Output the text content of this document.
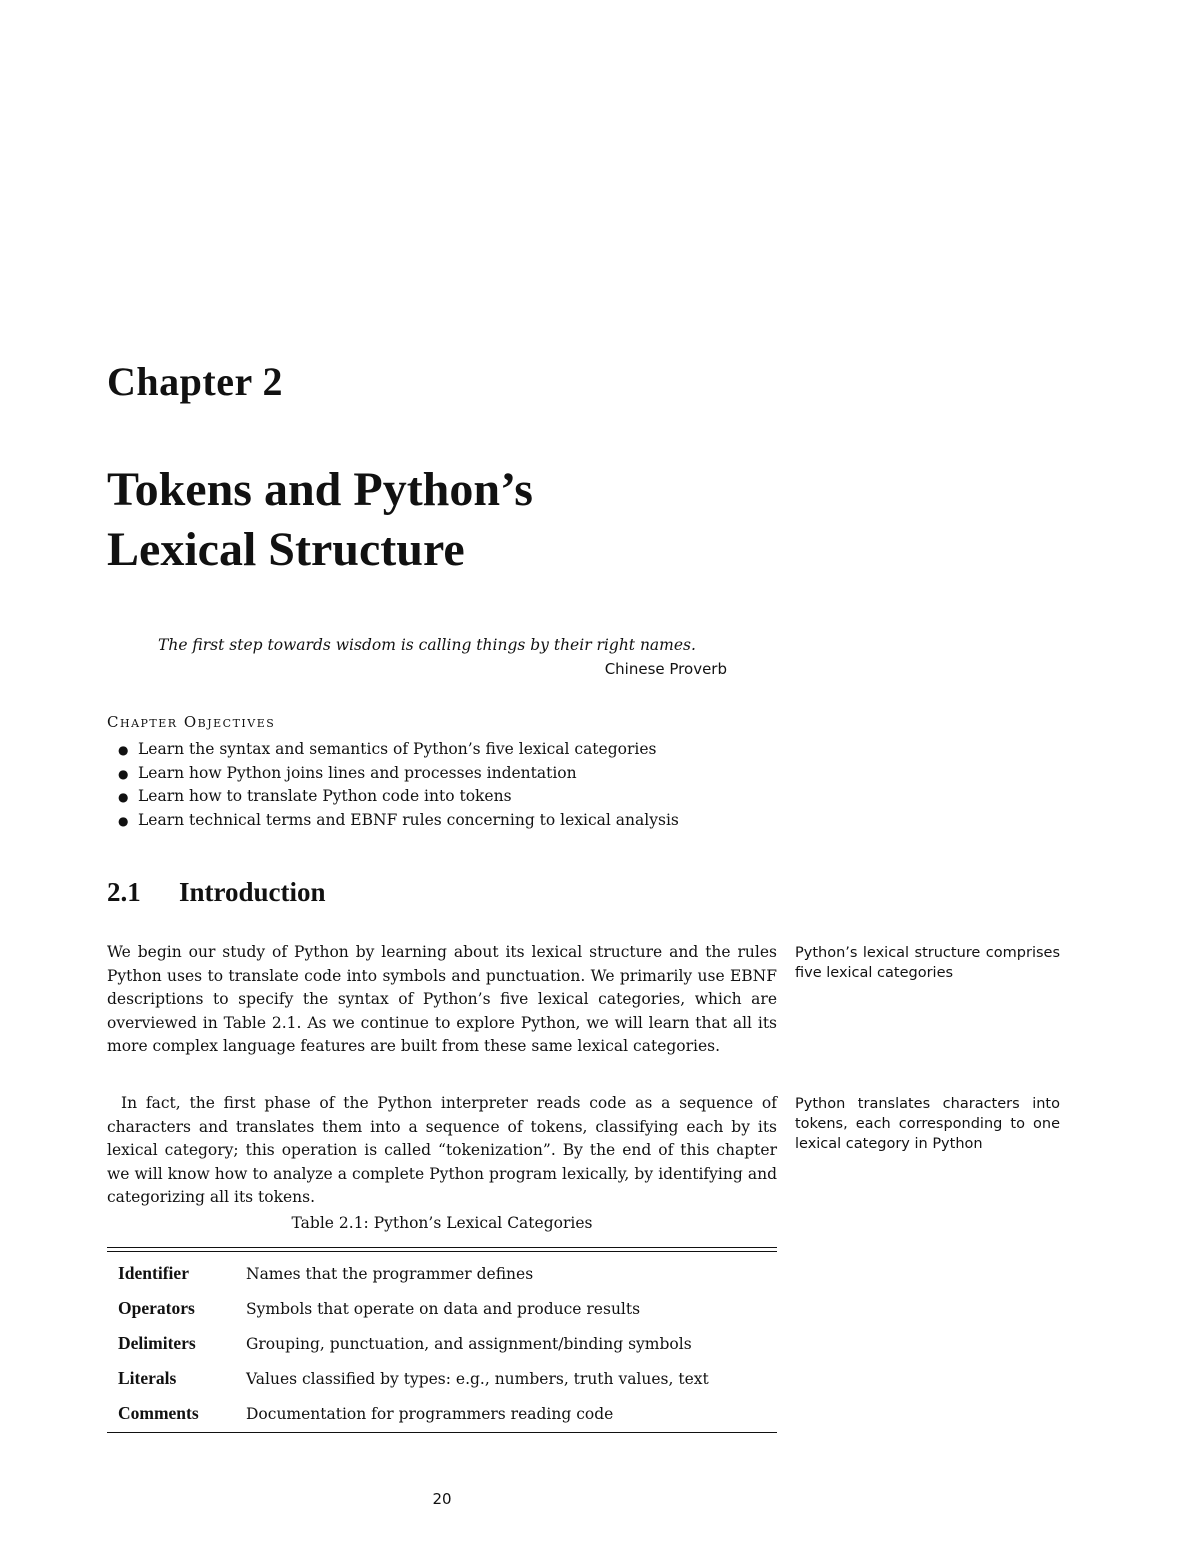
Chapter 2
Tokens and Python’s
Lexical Structure
The first step towards wisdom is calling things by their right names.
Chinese Proverb
Chapter Objectives
● Learn the syntax and semantics of Python’s five lexical categories
● Learn how Python joins lines and processes indentation
● Learn how to translate Python code into tokens
● Learn technical terms and EBNF rules concerning to lexical analysis
2.1 Introduction
We begin our study of Python by learning about its lexical structure and the rules Python uses to translate code into symbols and punctuation. We primarily use EBNF descriptions to specify the syntax of Python’s five lexical categories, which are overviewed in Table 2.1. As we continue to explore Python, we will learn that all its more complex language features are built from these same lexical categories.
Python’s lexical structure comprises five lexical categories
In fact, the first phase of the Python interpreter reads code as a sequence of characters and translates them into a sequence of tokens, classifying each by its lexical category; this operation is called “tokenization”. By the end of this chapter we will know how to analyze a complete Python program lexically, by identifying and categorizing all its tokens.
Python translates characters into tokens, each corresponding to one lexical category in Python
Table 2.1: Python’s Lexical Categories
Identifier	Names that the programmer defines
Operators	Symbols that operate on data and produce results
Delimiters	Grouping, punctuation, and assignment/binding symbols
Literals	Values classified by types: e.g., numbers, truth values, text
Comments	Documentation for programmers reading code
20
